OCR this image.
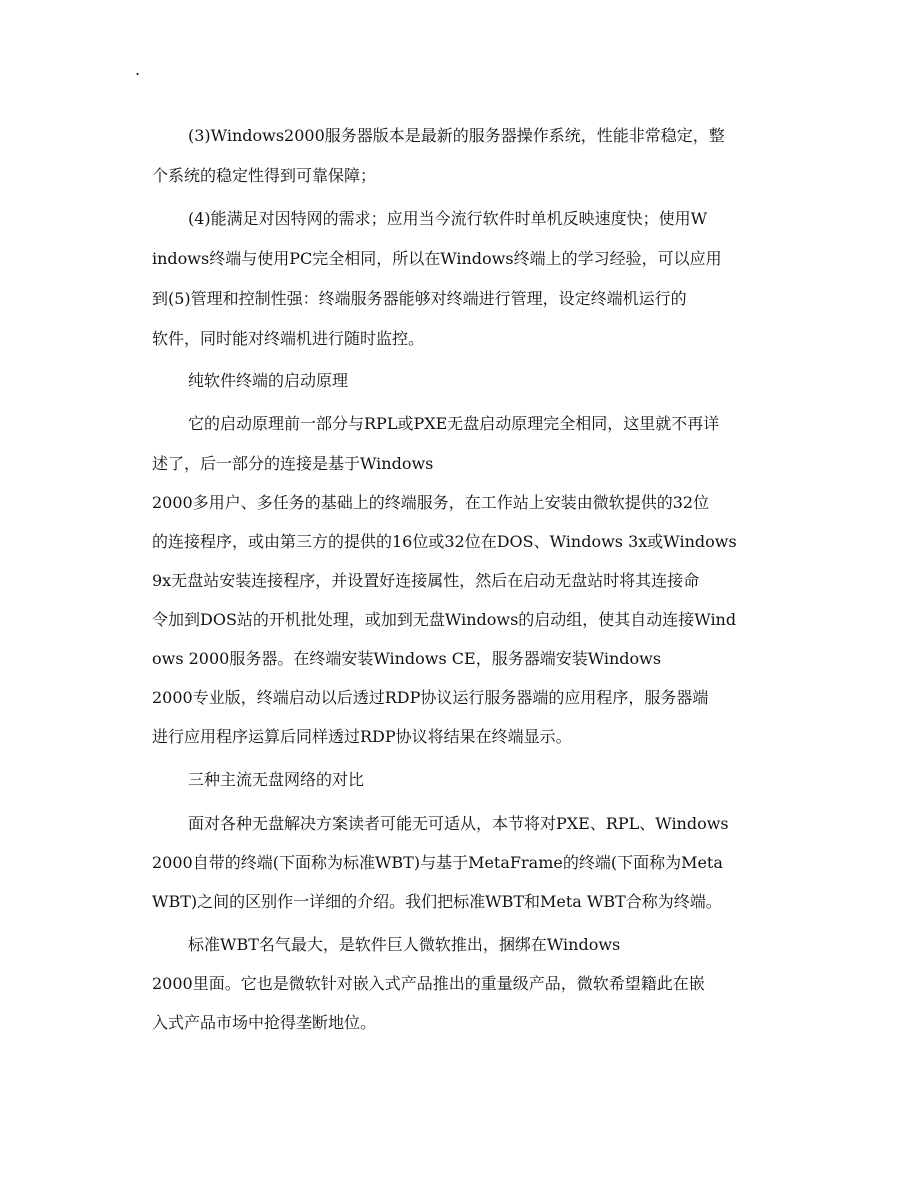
.
(3)Windows2000服务器版本是最新的服务器操作系统，性能非常稳定，整
个系统的稳定性得到可靠保障；
(4)能满足对因特网的需求；应用当今流行软件时单机反映速度快；使用W
indows终端与使用PC完全相同，所以在Windows终端上的学习经验，可以应用
到(5)管理和控制性强：终端服务器能够对终端进行管理，设定终端机运行的
软件，同时能对终端机进行随时监控。
纯软件终端的启动原理
它的启动原理前一部分与RPL或PXE无盘启动原理完全相同，这里就不再详
述了，后一部分的连接是基于Windows
2000多用户、多任务的基础上的终端服务，在工作站上安装由微软提供的32位
的连接程序，或由第三方的提供的16位或32位在DOS、Windows 3x或Windows
9x无盘站安装连接程序，并设置好连接属性，然后在启动无盘站时将其连接命
令加到DOS站的开机批处理，或加到无盘Windows的启动组，使其自动连接Wind
ows 2000服务器。在终端安装Windows CE，服务器端安装Windows
2000专业版，终端启动以后透过RDP协议运行服务器端的应用程序，服务器端
进行应用程序运算后同样透过RDP协议将结果在终端显示。
三种主流无盘网络的对比
面对各种无盘解决方案读者可能无可适从，本节将对PXE、RPL、Windows
2000自带的终端(下面称为标准WBT)与基于MetaFrame的终端(下面称为Meta
WBT)之间的区别作一详细的介绍。我们把标准WBT和Meta WBT合称为终端。
标准WBT名气最大，是软件巨人微软推出，捆绑在Windows
2000里面。它也是微软针对嵌入式产品推出的重量级产品，微软希望籍此在嵌
入式产品市场中抢得垄断地位。
